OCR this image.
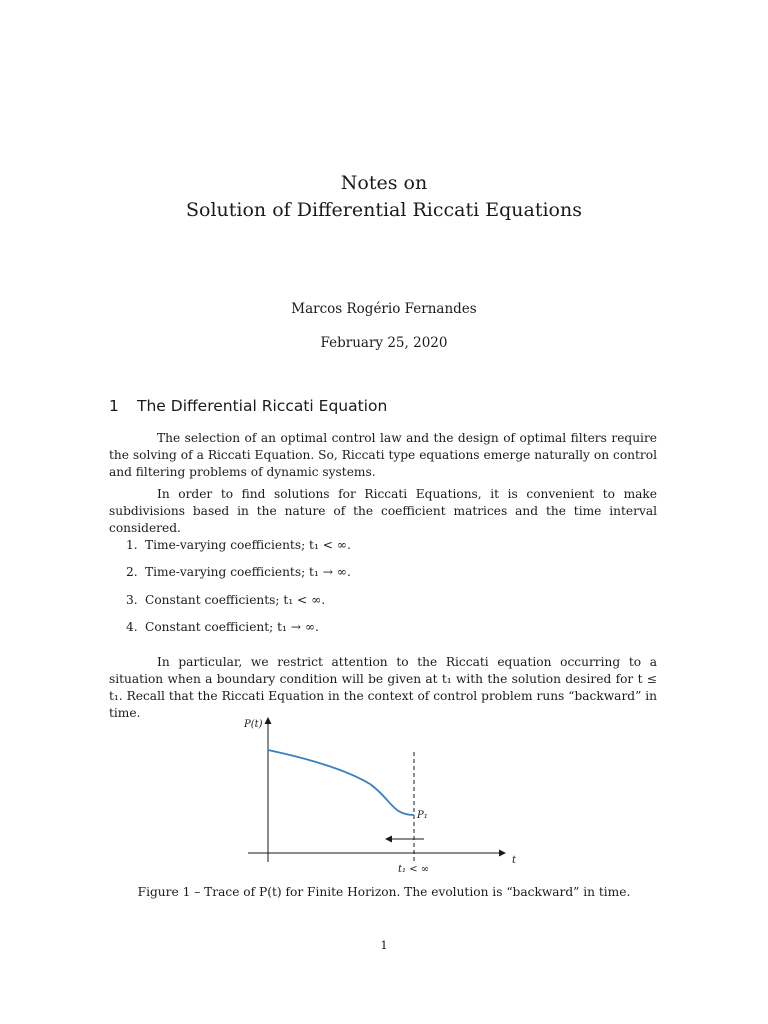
Notes on
Solution of Differential Riccati Equations
Marcos Rogério Fernandes
February 25, 2020
1 The Differential Riccati Equation
The selection of an optimal control law and the design of optimal filters require the solving of a Riccati Equation. So, Riccati type equations emerge naturally on control and filtering problems of dynamic systems.
In order to find solutions for Riccati Equations, it is convenient to make subdivisions based in the nature of the coefficient matrices and the time interval considered.
1. Time-varying coefficients; t₁ < ∞.
2. Time-varying coefficients; t₁ → ∞.
3. Constant coefficients; t₁ < ∞.
4. Constant coefficient; t₁ → ∞.
In particular, we restrict attention to the Riccati equation occurring to a situation when a boundary condition will be given at t₁ with the solution desired for t ≤ t₁. Recall that the Riccati Equation in the context of control problem runs “backward” in time.
P(t)
t
P₁
t₁ < ∞
Figure 1 – Trace of P(t) for Finite Horizon. The evolution is “backward” in time.
1
